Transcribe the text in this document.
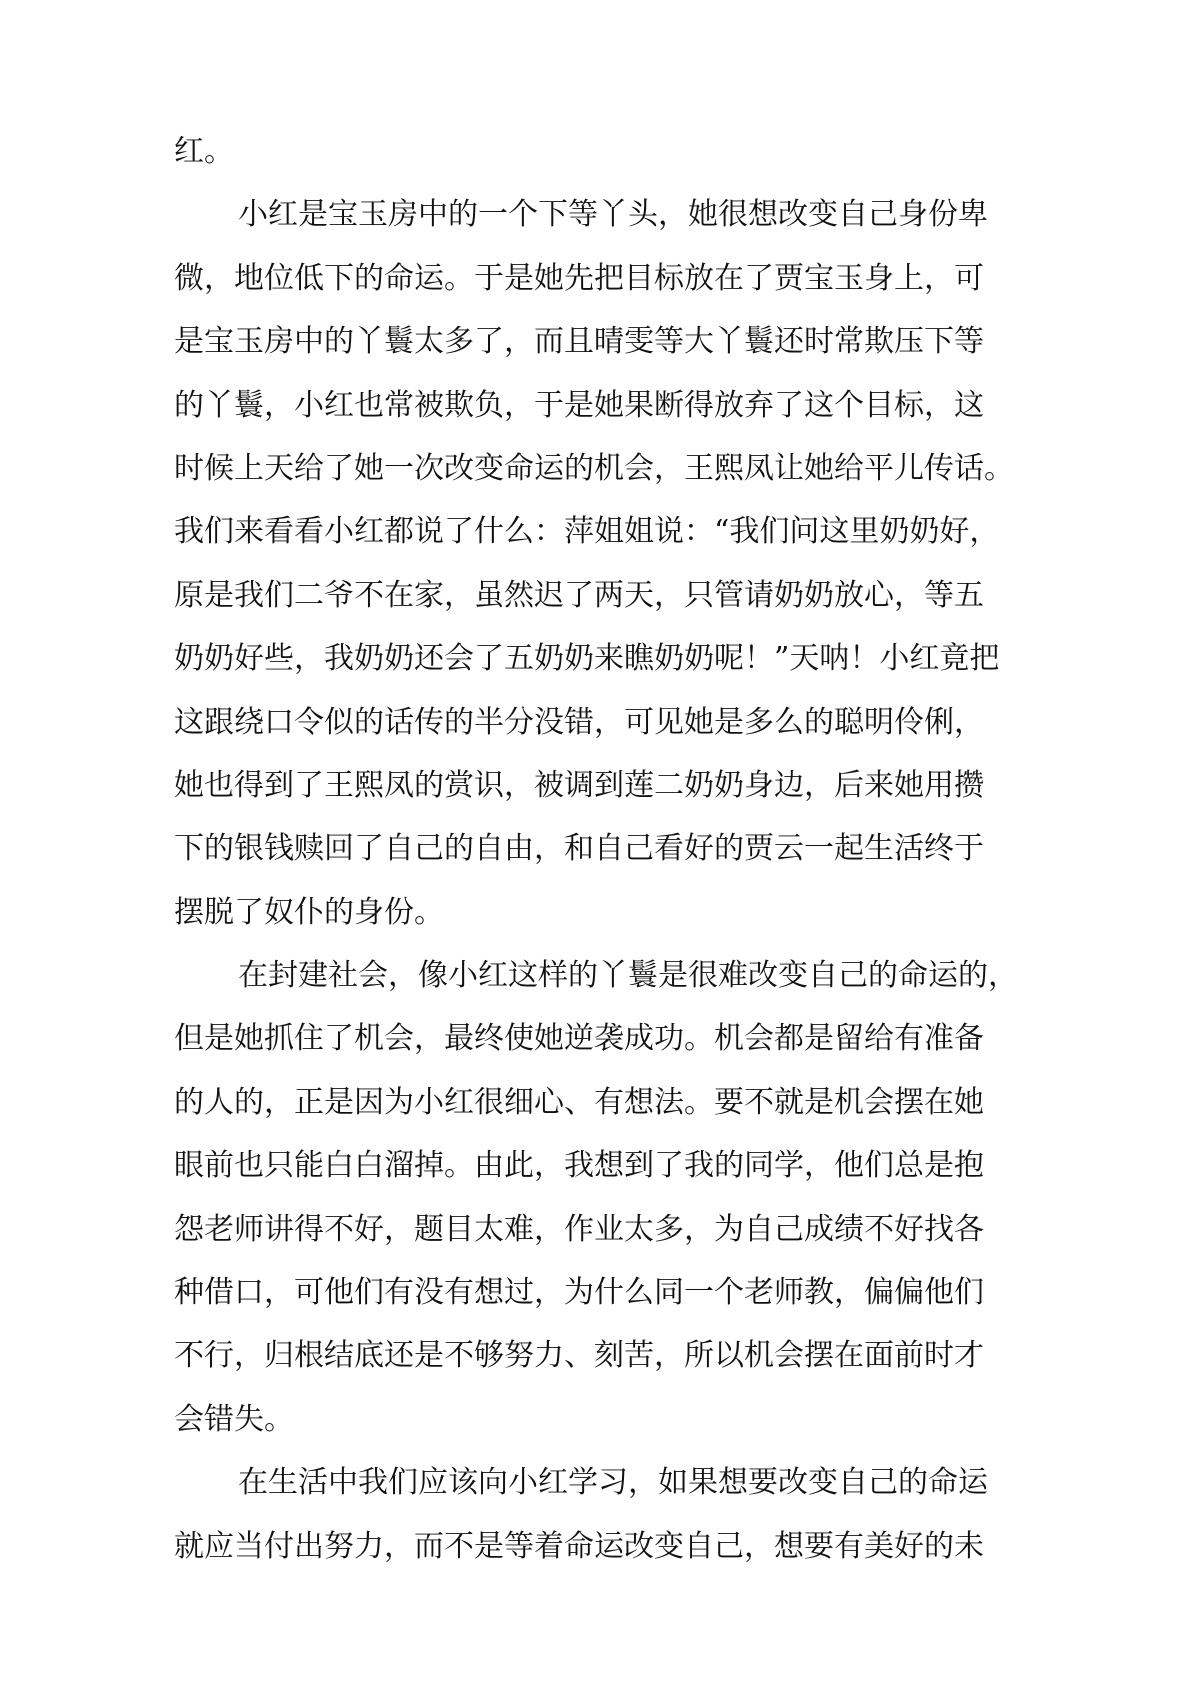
红。
小红是宝玉房中的一个下等丫头，她很想改变自己身份卑
微，地位低下的命运。于是她先把目标放在了贾宝玉身上，可
是宝玉房中的丫鬟太多了，而且晴雯等大丫鬟还时常欺压下等
的丫鬟，小红也常被欺负，于是她果断得放弃了这个目标，这
时候上天给了她一次改变命运的机会，王熙凤让她给平儿传话。
我们来看看小红都说了什么：萍姐姐说：“我们问这里奶奶好，
原是我们二爷不在家，虽然迟了两天，只管请奶奶放心，等五
奶奶好些，我奶奶还会了五奶奶来瞧奶奶呢！”天呐！小红竟把
这跟绕口令似的话传的半分没错，可见她是多么的聪明伶俐，
她也得到了王熙凤的赏识，被调到莲二奶奶身边，后来她用攒
下的银钱赎回了自己的自由，和自己看好的贾云一起生活终于
摆脱了奴仆的身份。
在封建社会，像小红这样的丫鬟是很难改变自己的命运的，
但是她抓住了机会，最终使她逆袭成功。机会都是留给有准备
的人的，正是因为小红很细心、有想法。要不就是机会摆在她
眼前也只能白白溜掉。由此，我想到了我的同学，他们总是抱
怨老师讲得不好，题目太难，作业太多，为自己成绩不好找各
种借口，可他们有没有想过，为什么同一个老师教，偏偏他们
不行，归根结底还是不够努力、刻苦，所以机会摆在面前时才
会错失。
在生活中我们应该向小红学习，如果想要改变自己的命运
就应当付出努力，而不是等着命运改变自己，想要有美好的未
